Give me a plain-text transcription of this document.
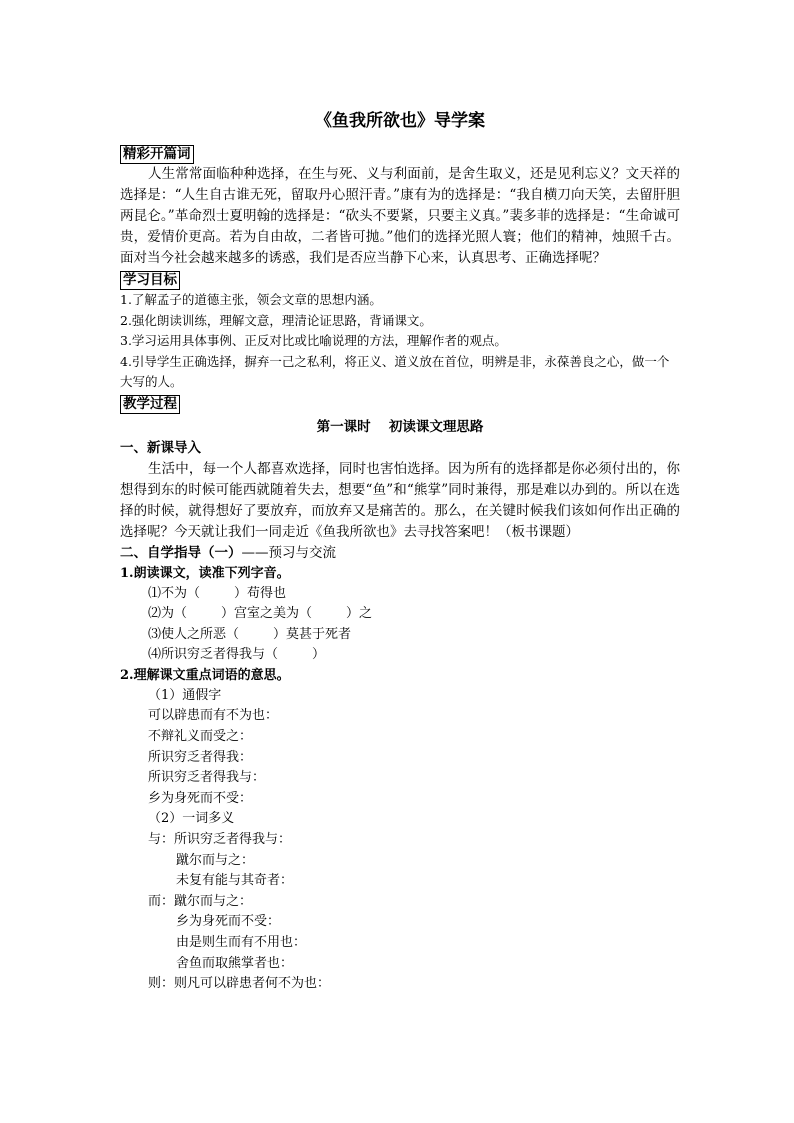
《鱼我所欲也》导学案
精彩开篇词

人生常常面临种种选择，在生与死、义与利面前，是舍生取义，还是见利忘义？文天祥的选择是：“人生自古谁无死，留取丹心照汗青。”康有为的选择是：“我自横刀向天笑，去留肝胆两昆仑。”革命烈士夏明翰的选择是：“砍头不要紧，只要主义真。”裴多菲的选择是：“生命诚可贵，爱情价更高。若为自由故，二者皆可抛。”他们的选择光照人寰；他们的精神，烛照千古。面对当今社会越来越多的诱惑，我们是否应当静下心来，认真思考、正确选择呢？

学习目标

1.了解孟子的道德主张，领会文章的思想内涵。

2.强化朗读训练，理解文意，理清论证思路，背诵课文。

3.学习运用具体事例、正反对比或比喻说理的方法，理解作者的观点。

4.引导学生正确选择，摒弃一己之私利，将正义、道义放在首位，明辨是非，永葆善良之心，做一个大写的人。

教学过程

第一课时　 初读课文理思路

一、新课导入

生活中，每一个人都喜欢选择，同时也害怕选择。因为所有的选择都是你必须付出的，你想得到东的时候可能西就随着失去，想要“鱼”和“熊掌”同时兼得，那是难以办到的。所以在选择的时候，就得想好了要放弃，而放弃又是痛苦的。那么，在关键时候我们该如何作出正确的选择呢？今天就让我们一同走近《鱼我所欲也》去寻找答案吧！（板书课题）

二、自学指导（一）——预习与交流

1.朗读课文，读准下列字音。

⑴不为（	）苟得也

⑵为（	）宫室之美为（	）之

⑶使人之所恶（	）莫甚于死者

⑷所识穷乏者得我与（	）

2.理解课文重点词语的意思。

（1）通假字

可以辟患而有不为也：

不辩礼义而受之：

所识穷乏者得我：

所识穷乏者得我与：

乡为身死而不受：

（2）一词多义

与：所识穷乏者得我与：

蹴尔而与之：

未复有能与其奇者：

而：蹴尔而与之：

乡为身死而不受：

由是则生而有不用也：

舍鱼而取熊掌者也：

则：则凡可以辟患者何不为也：
